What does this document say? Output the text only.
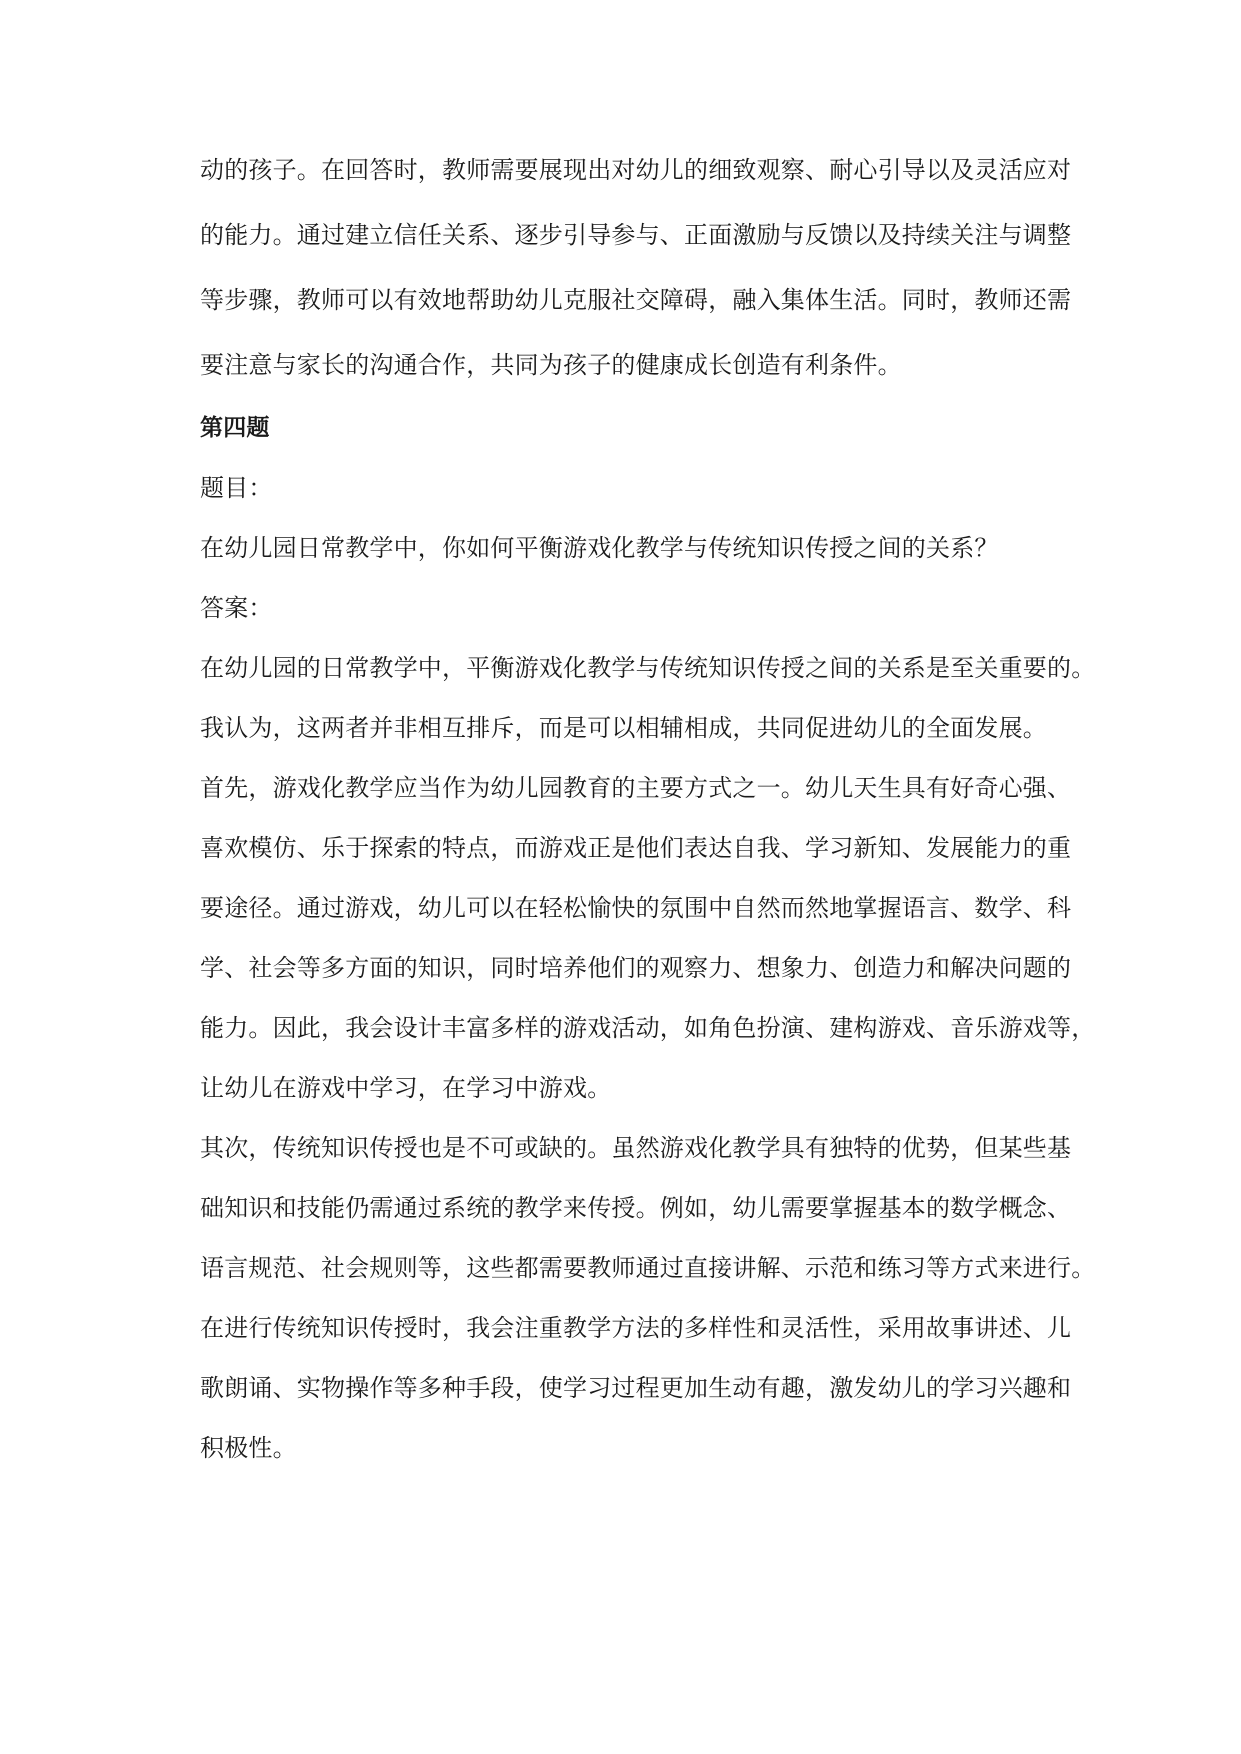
动的孩子。在回答时，教师需要展现出对幼儿的细致观察、耐心引导以及灵活应对
的能力。通过建立信任关系、逐步引导参与、正面激励与反馈以及持续关注与调整
等步骤，教师可以有效地帮助幼儿克服社交障碍，融入集体生活。同时，教师还需
要注意与家长的沟通合作，共同为孩子的健康成长创造有利条件。
第四题
题目：
在幼儿园日常教学中，你如何平衡游戏化教学与传统知识传授之间的关系？
答案：
在幼儿园的日常教学中，平衡游戏化教学与传统知识传授之间的关系是至关重要的。
我认为，这两者并非相互排斥，而是可以相辅相成，共同促进幼儿的全面发展。
首先，游戏化教学应当作为幼儿园教育的主要方式之一。幼儿天生具有好奇心强、
喜欢模仿、乐于探索的特点，而游戏正是他们表达自我、学习新知、发展能力的重
要途径。通过游戏，幼儿可以在轻松愉快的氛围中自然而然地掌握语言、数学、科
学、社会等多方面的知识，同时培养他们的观察力、想象力、创造力和解决问题的
能力。因此，我会设计丰富多样的游戏活动，如角色扮演、建构游戏、音乐游戏等，
让幼儿在游戏中学习，在学习中游戏。
其次，传统知识传授也是不可或缺的。虽然游戏化教学具有独特的优势，但某些基
础知识和技能仍需通过系统的教学来传授。例如，幼儿需要掌握基本的数学概念、
语言规范、社会规则等，这些都需要教师通过直接讲解、示范和练习等方式来进行。
在进行传统知识传授时，我会注重教学方法的多样性和灵活性，采用故事讲述、儿
歌朗诵、实物操作等多种手段，使学习过程更加生动有趣，激发幼儿的学习兴趣和
积极性。
